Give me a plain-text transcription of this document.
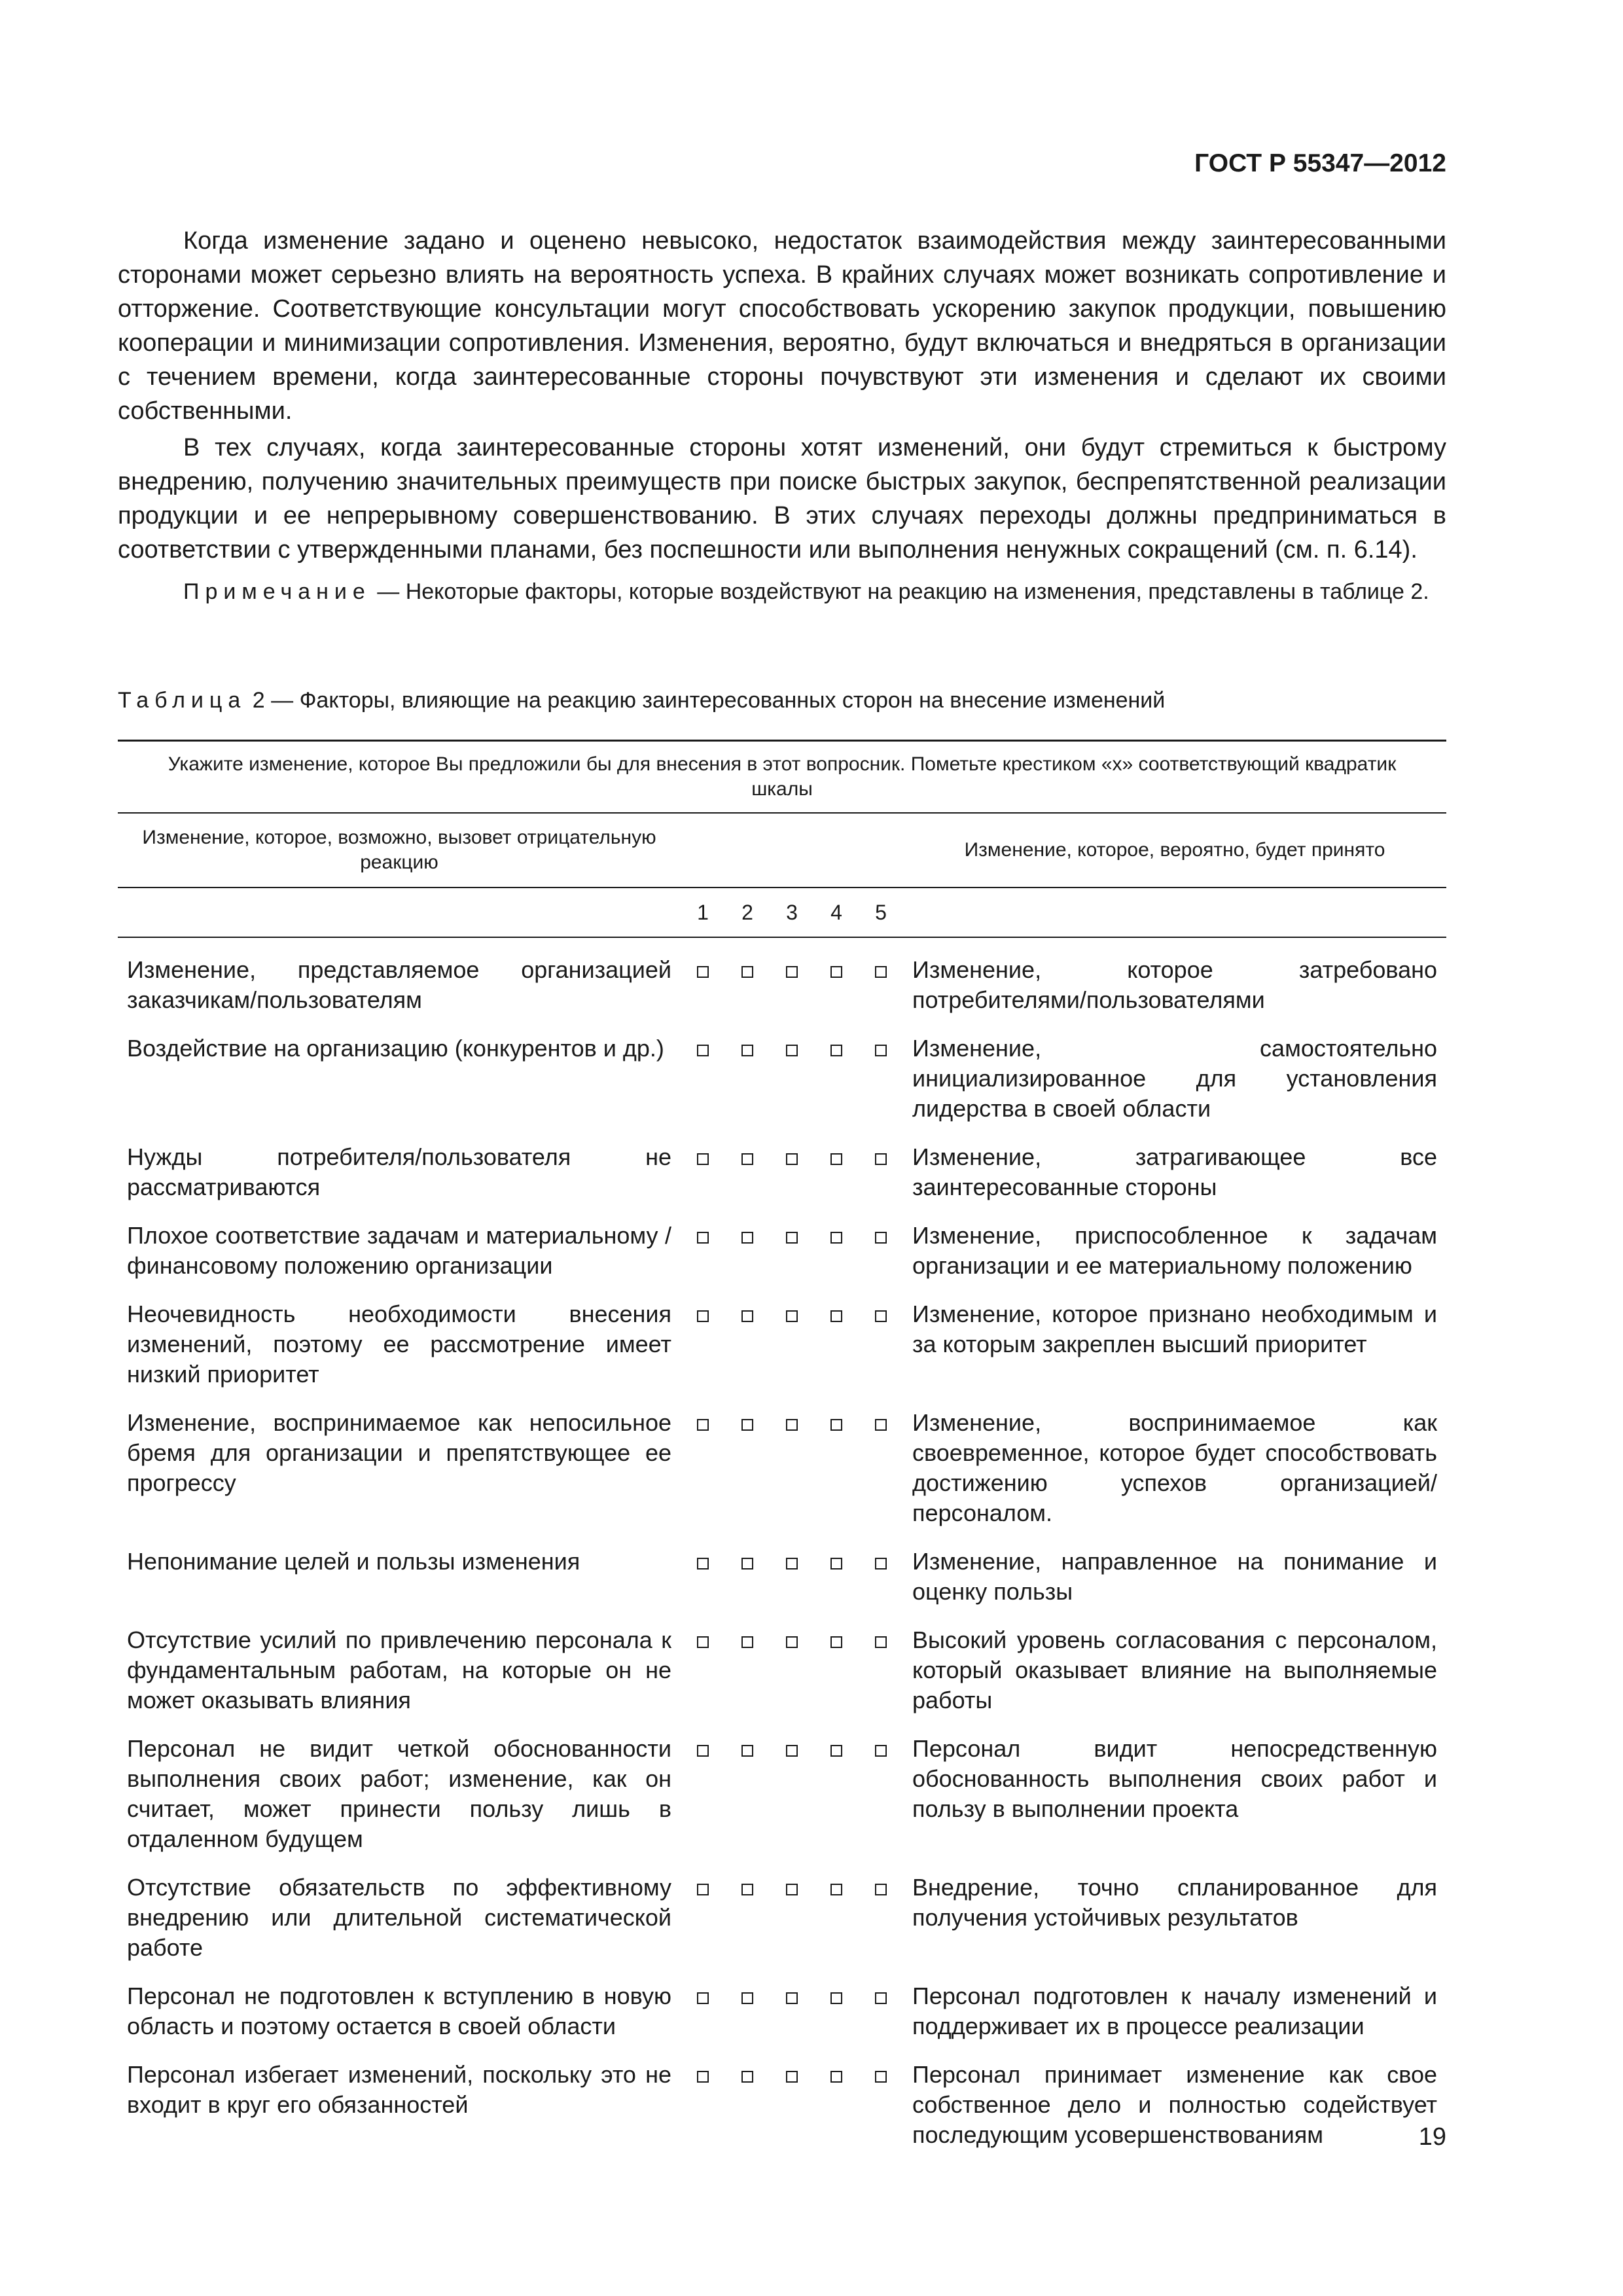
ГОСТ Р 55347—2012

Когда изменение задано и оценено невысоко, недостаток взаимодействия между заинтересованными сторонами может серьезно влиять на вероятность успеха. В крайних случаях может возникать сопротивление и отторжение. Соответствующие консультации могут способствовать ускорению закупок продукции, повышению кооперации и минимизации сопротивления. Изменения, вероятно, будут включаться и внедряться в организации с течением времени, когда заинтересованные стороны почувствуют эти изменения и сделают их своими собственными.

В тех случаях, когда заинтересованные стороны хотят изменений, они будут стремиться к быстрому внедрению, получению значительных преимуществ при поиске быстрых закупок, беспрепятственной реализации продукции и ее непрерывному совершенствованию. В этих случаях переходы должны предприниматься в соответствии с утвержденными планами, без поспешности или выполнения ненужных сокращений (см. п. 6.14).

Примечание — Некоторые факторы, которые воздействуют на реакцию на изменения, представлены в таблице 2.

Таблица 2 — Факторы, влияющие на реакцию заинтересованных сторон на внесение изменений
Укажите изменение, которое Вы предложили бы для внесения в этот вопросник. Пометьте крестиком «х» соответствующий квадратик шкалы						
Изменение, которое, возможно, вызовет отрицательную реакцию						Изменение, которое, вероятно, будет принято
	1	2	3	4	5	

Изменение, представляемое организацией заказчикам/пользователям						Изменение, которое затребовано потребителями/пользователями
Воздействие на организацию (конкурентов и др.)						Изменение, самостоятельно инициализированное для установления лидерства в своей области
Нужды потребителя/пользователя не рассматриваются						Изменение, затрагивающее все заинтересованные стороны
Плохое соответствие задачам и материальному /финансовому положению организации						Изменение, приспособленное к задачам организации и ее материальному положению
Неочевидность необходимости внесения изменений, поэтому ее рассмотрение имеет низкий приоритет						Изменение, которое признано необходимым и за которым закреплен высший приоритет
Изменение, воспринимаемое как непосильное бремя для организации и препятствующее ее прогрессу						Изменение, воспринимаемое как своевременное, которое будет способствовать достижению успехов организацией/персоналом.
Непонимание целей и пользы изменения						Изменение, направленное на понимание и оценку пользы
Отсутствие усилий по привлечению персонала к фундаментальным работам, на которые он не может оказывать влияния						Высокий уровень согласования с персоналом, который оказывает влияние на выполняемые работы
Персонал не видит четкой обоснованности выполнения своих работ; изменение, как он считает, может принести пользу лишь в отдаленном будущем						Персонал видит непосредственную обоснованность выполнения своих работ и пользу в выполнении проекта
Отсутствие обязательств по эффективному внедрению или длительной систематической работе						Внедрение, точно спланированное для получения устойчивых результатов
Персонал не подготовлен к вступлению в новую область и поэтому остается в своей области						Персонал подготовлен к началу изменений и поддерживает их в процессе реализации
Персонал избегает изменений, поскольку это не входит в круг его обязанностей						Персонал принимает изменение как свое собственное дело и полностью содействует последующим усовершенствованиям	19
